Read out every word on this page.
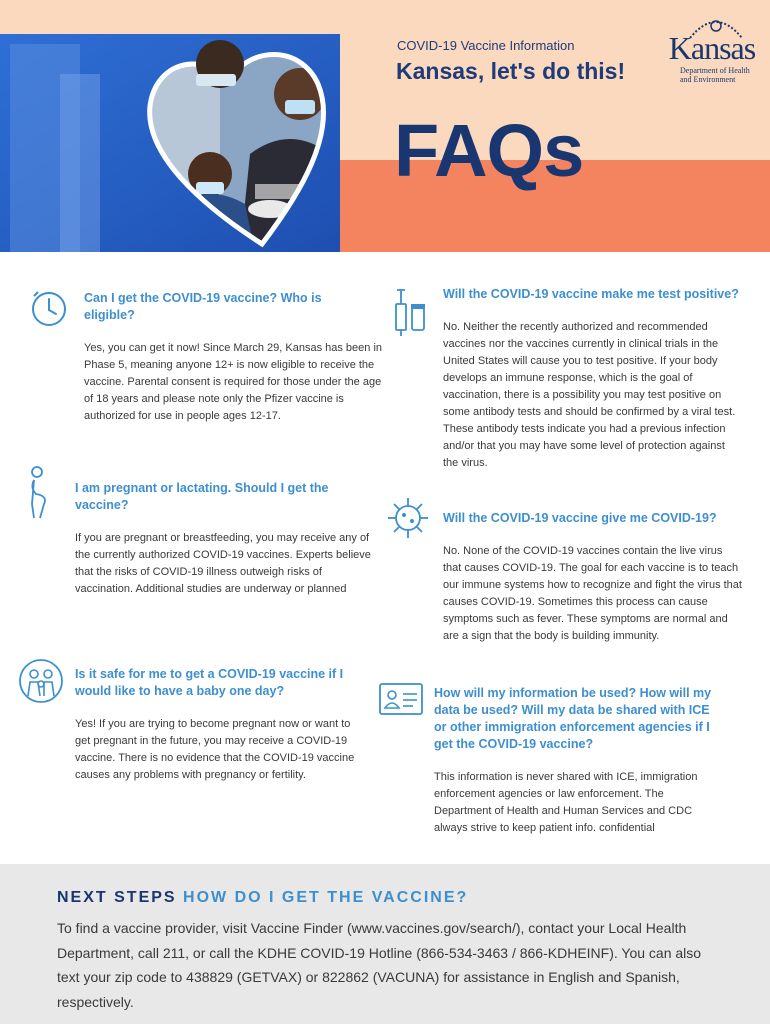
COVID-19 Vaccine Information
Kansas, let's do this!
FAQs
Kansas
Department of Health
and Environment
Can I get the COVID-19 vaccine? Who is eligible?
Yes, you can get it now! Since March 29, Kansas has been in Phase 5, meaning anyone 12+ is now eligible to receive the vaccine. Parental consent is required for those under the age of 18 years and please note only the Pfizer vaccine is authorized for use in people ages 12-17.
I am pregnant or lactating. Should I get the vaccine?
If you are pregnant or breastfeeding, you may receive any of the currently authorized COVID-19 vaccines. Experts believe that the risks of COVID-19 illness outweigh risks of vaccination. Additional studies are underway or planned
Is it safe for me to get a COVID-19 vaccine if I would like to have a baby one day?
Yes! If you are trying to become pregnant now or want to get pregnant in the future, you may receive a COVID-19 vaccine. There is no evidence that the COVID-19 vaccine causes any problems with pregnancy or fertility.
Will the COVID-19 vaccine make me test positive?
No. Neither the recently authorized and recommended vaccines nor the vaccines currently in clinical trials in the United States will cause you to test positive. If your body develops an immune response, which is the goal of vaccination, there is a possibility you may test positive on some antibody tests and should be confirmed by a viral test. These antibody tests indicate you had a previous infection and/or that you may have some level of protection against the virus.
Will the COVID-19 vaccine give me COVID-19?
No. None of the COVID-19 vaccines contain the live virus that causes COVID-19. The goal for each vaccine is to teach our immune systems how to recognize and fight the virus that causes COVID-19. Sometimes this process can cause symptoms such as fever. These symptoms are normal and are a sign that the body is building immunity.
How will my information be used? How will my data be used? Will my data be shared with ICE or other immigration enforcement agencies if I get the COVID-19 vaccine?
This information is never shared with ICE, immigration enforcement agencies or law enforcement. The Department of Health and Human Services and CDC always strive to keep patient info. confidential
NEXT STEPS HOW DO I GET THE VACCINE?
To find a vaccine provider, visit Vaccine Finder (www.vaccines.gov/search/), contact your Local Health Department, call 211, or call the KDHE COVID-19 Hotline (866-534-3463 / 866-KDHEINF). You can also text your zip code to 438829 (GETVAX) or 822862 (VACUNA) for assistance in English and Spanish, respectively.
